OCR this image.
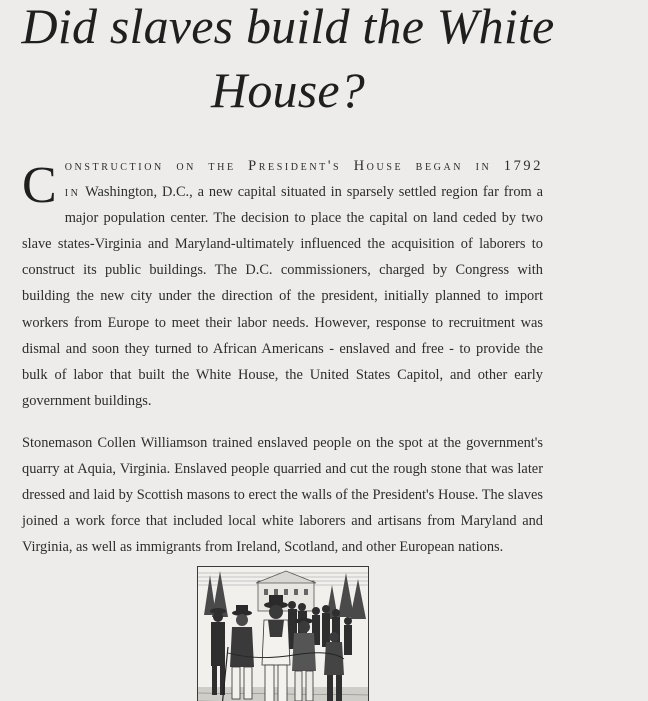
Did slaves build the White House?

Construction on the President's House began in 1792 in Washington, D.C., a new capital situated in sparsely settled region far from a major population center. The decision to place the capital on land ceded by two slave states-Virginia and Maryland-ultimately influenced the acquisition of laborers to construct its public buildings. The D.C. commissioners, charged by Congress with building the new city under the direction of the president, initially planned to import workers from Europe to meet their labor needs. However, response to recruitment was dismal and soon they turned to African Americans - enslaved and free - to provide the bulk of labor that built the White House, the United States Capitol, and other early government buildings.

Stonemason Collen Williamson trained enslaved people on the spot at the government's quarry at Aquia, Virginia. Enslaved people quarried and cut the rough stone that was later dressed and laid by Scottish masons to erect the walls of the President's House. The slaves joined a work force that included local white laborers and artisans from Maryland and Virginia, as well as immigrants from Ireland, Scotland, and other European nations.
